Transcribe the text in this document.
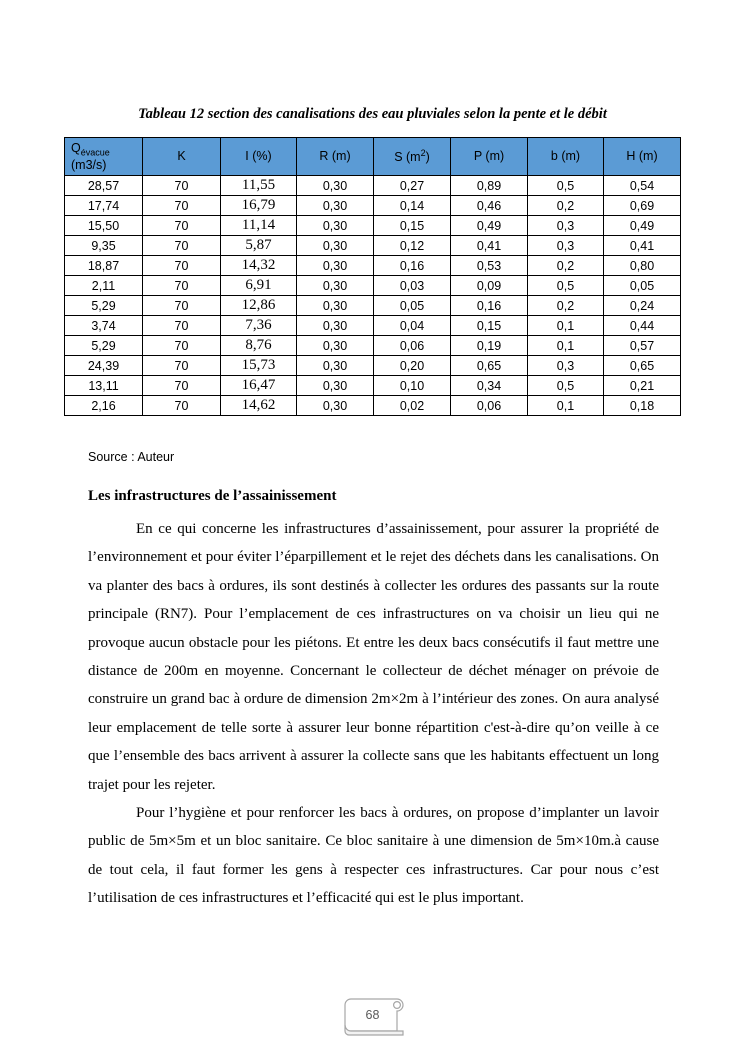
Tableau 12 section des canalisations des eau pluviales selon la pente et le débit
$Q_{évacue}$
(m3/s)	K	I (%)	R (m)	S $(m^2)$	P (m)	b (m)	H (m)
28,57	70	11,55	0,30	0,27	0,89	0,5	0,54
17,74	70	16,79	0,30	0,14	0,46	0,2	0,69
15,50	70	11,14	0,30	0,15	0,49	0,3	0,49
9,35	70	5,87	0,30	0,12	0,41	0,3	0,41
18,87	70	14,32	0,30	0,16	0,53	0,2	0,80
2,11	70	6,91	0,30	0,03	0,09	0,5	0,05
5,29	70	12,86	0,30	0,05	0,16	0,2	0,24
3,74	70	7,36	0,30	0,04	0,15	0,1	0,44
5,29	70	8,76	0,30	0,06	0,19	0,1	0,57
24,39	70	15,73	0,30	0,20	0,65	0,3	0,65
13,11	70	16,47	0,30	0,10	0,34	0,5	0,21
2,16	70	14,62	0,30	0,02	0,06	0,1	0,18

Source : Auteur

Les infrastructures de l’assainissement

En ce qui concerne les infrastructures d’assainissement, pour assurer la propriété de l’environnement et pour éviter l’éparpillement et le rejet des déchets dans les canalisations. On va planter des bacs à ordures, ils sont destinés à collecter les ordures des passants sur la route principale (RN7). Pour l’emplacement de ces infrastructures on va choisir un lieu qui ne provoque aucun obstacle pour les piétons. Et entre les deux bacs consécutifs il faut mettre une distance de 200m en moyenne. Concernant le collecteur de déchet ménager on prévoie de construire un grand bac à ordure de dimension 2m×2m à l’intérieur des zones. On aura analysé leur emplacement de telle sorte à assurer leur bonne répartition c'est-à-dire qu’on veille à ce que l’ensemble des bacs arrivent à assurer la collecte sans que les habitants effectuent un long trajet pour les rejeter.

Pour l’hygiène et pour renforcer les bacs à ordures, on propose d’implanter un lavoir public de 5m×5m et un bloc sanitaire. Ce bloc sanitaire à une dimension de 5m×10m.à cause de tout cela, il faut former les gens à respecter ces infrastructures. Car pour nous c’est l’utilisation de ces infrastructures et l’efficacité qui est le plus important.

68
